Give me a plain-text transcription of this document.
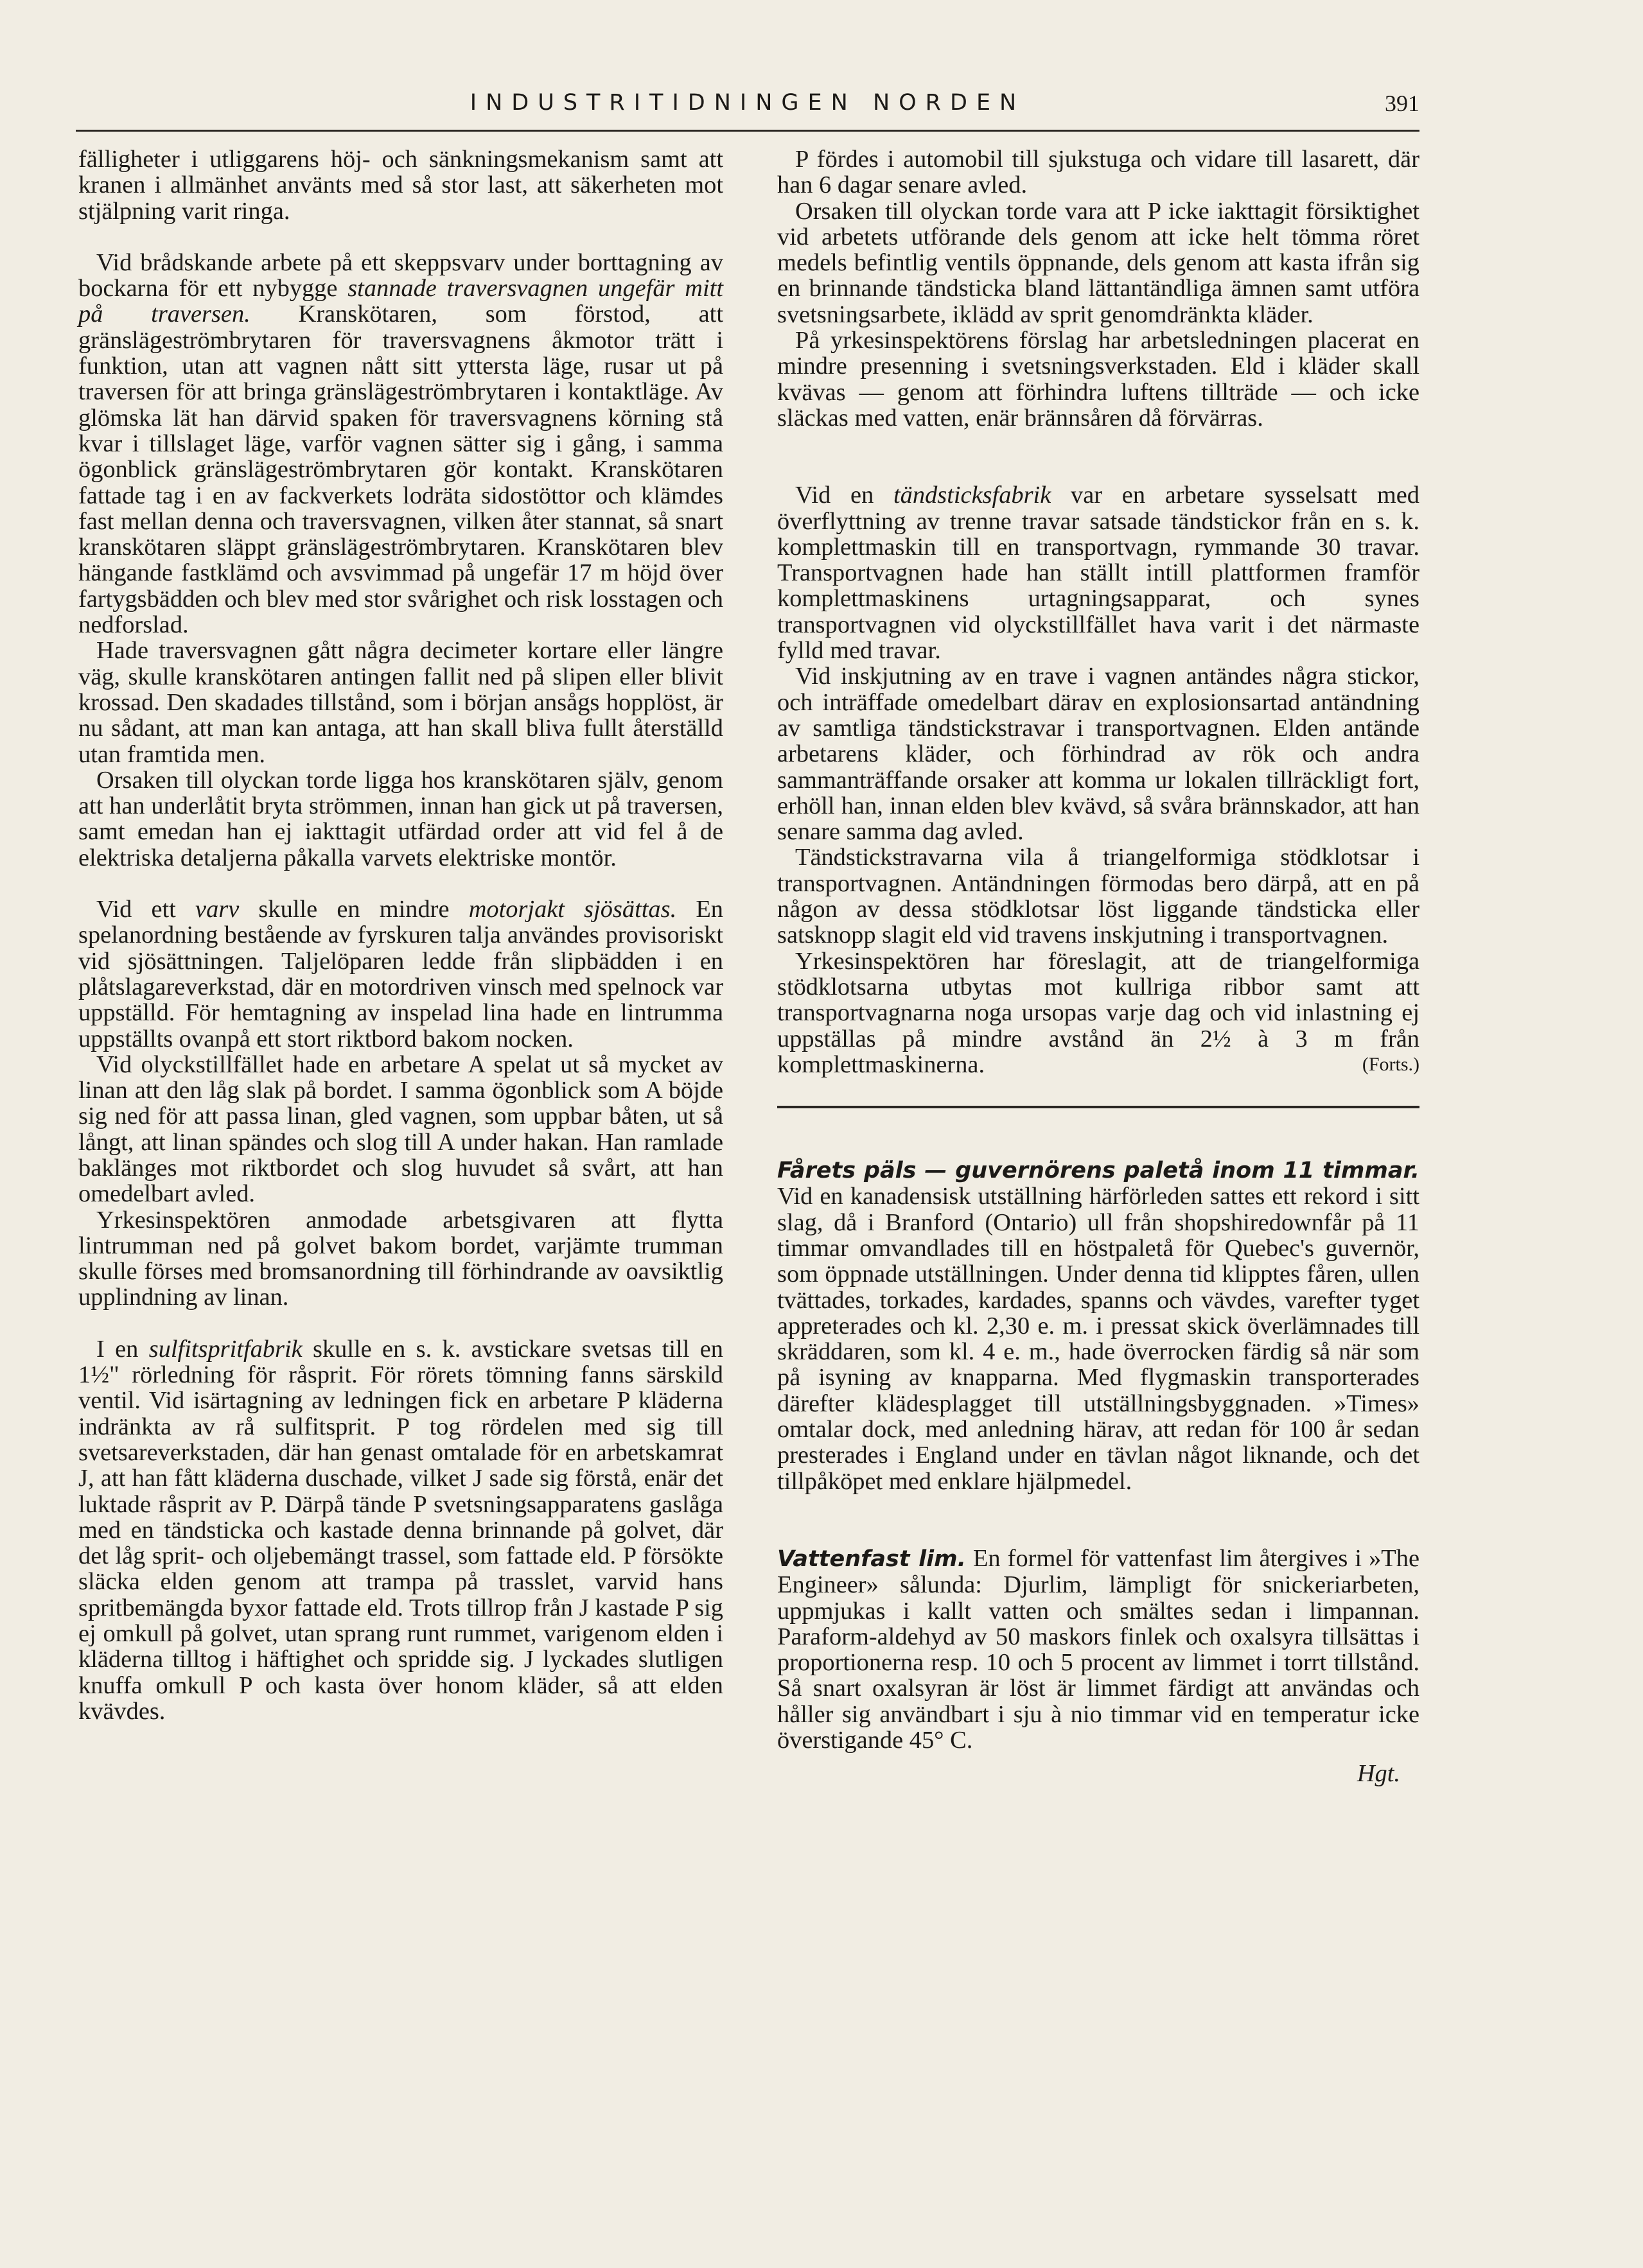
INDUSTRITIDNINGEN NORDEN	391

fälligheter i utliggarens höj- och sänkningsmekanism samt att kranen i allmänhet använts med så stor last, att säkerheten mot stjälpning varit ringa.

Vid brådskande arbete på ett skeppsvarv under borttagning av bockarna för ett nybygge stannade traversvagnen ungefär mitt på traversen. Kranskötaren, som förstod, att gränslägeströmbrytaren för traversvagnens åkmotor trätt i funktion, utan att vagnen nått sitt yttersta läge, rusar ut på traversen för att bringa gränslägeströmbrytaren i kontaktläge. Av glömska lät han därvid spaken för traversvagnens körning stå kvar i tillslaget läge, varför vagnen sätter sig i gång, i samma ögonblick gränslägeströmbrytaren gör kontakt. Kranskötaren fattade tag i en av fackverkets lodräta sidostöttor och klämdes fast mellan denna och traversvagnen, vilken åter stannat, så snart kranskötaren släppt gränslägeströmbrytaren. Kranskötaren blev hängande fastklämd och avsvimmad på ungefär 17 m höjd över fartygsbädden och blev med stor svårighet och risk losstagen och nedforslad.

Hade traversvagnen gått några decimeter kortare eller längre väg, skulle kranskötaren antingen fallit ned på slipen eller blivit krossad. Den skadades tillstånd, som i början ansågs hopplöst, är nu sådant, att man kan antaga, att han skall bliva fullt återställd utan framtida men.

Orsaken till olyckan torde ligga hos kranskötaren själv, genom att han underlåtit bryta strömmen, innan han gick ut på traversen, samt emedan han ej iakttagit utfärdad order att vid fel å de elektriska detaljerna påkalla varvets elektriske montör.

Vid ett varv skulle en mindre motorjakt sjösättas. En spelanordning bestående av fyrskuren talja användes provisoriskt vid sjösättningen. Taljelöparen ledde från slipbädden i en plåtslagareverkstad, där en motordriven vinsch med spelnock var uppställd. För hemtagning av inspelad lina hade en lintrumma uppställts ovanpå ett stort riktbord bakom nocken.

Vid olyckstillfället hade en arbetare A spelat ut så mycket av linan att den låg slak på bordet. I samma ögonblick som A böjde sig ned för att passa linan, gled vagnen, som uppbar båten, ut så långt, att linan spändes och slog till A under hakan. Han ramlade baklänges mot riktbordet och slog huvudet så svårt, att han omedelbart avled.

Yrkesinspektören anmodade arbetsgivaren att flytta lintrumman ned på golvet bakom bordet, varjämte trumman skulle förses med bromsanordning till förhindrande av oavsiktlig upplindning av linan.

I en sulfitspritfabrik skulle en s. k. avstickare svetsas till en 1½" rörledning för råsprit. För rörets tömning fanns särskild ventil. Vid isärtagning av ledningen fick en arbetare P kläderna indränkta av rå sulfitsprit. P tog rördelen med sig till svetsareverkstaden, där han genast omtalade för en arbetskamrat J, att han fått kläderna duschade, vilket J sade sig förstå, enär det luktade råsprit av P. Därpå tände P svetsningsapparatens gaslåga med en tändsticka och kastade denna brinnande på golvet, där det låg sprit- och oljebemängt trassel, som fattade eld. P försökte släcka elden genom att trampa på trasslet, varvid hans spritbemängda byxor fattade eld. Trots tillrop från J kastade P sig ej omkull på golvet, utan sprang runt rummet, varigenom elden i kläderna tilltog i häftighet och spridde sig. J lyckades slutligen knuffa omkull P och kasta över honom kläder, så att elden kvävdes.

P fördes i automobil till sjukstuga och vidare till lasarett, där han 6 dagar senare avled.

Orsaken till olyckan torde vara att P icke iakttagit försiktighet vid arbetets utförande dels genom att icke helt tömma röret medels befintlig ventils öppnande, dels genom att kasta ifrån sig en brinnande tändsticka bland lättantändliga ämnen samt utföra svetsningsarbete, iklädd av sprit genomdränkta kläder.

På yrkesinspektörens förslag har arbetsledningen placerat en mindre presenning i svetsningsverkstaden. Eld i kläder skall kvävas — genom att förhindra luftens tillträde — och icke släckas med vatten, enär brännsåren då förvärras.

Vid en tändsticksfabrik var en arbetare sysselsatt med överflyttning av trenne travar satsade tändstickor från en s. k. komplettmaskin till en transportvagn, rymmande 30 travar. Transportvagnen hade han ställt intill plattformen framför komplettmaskinens urtagningsapparat, och synes transportvagnen vid olyckstillfället hava varit i det närmaste fylld med travar.

Vid inskjutning av en trave i vagnen antändes några stickor, och inträffade omedelbart därav en explosionsartad antändning av samtliga tändstickstravar i transportvagnen. Elden antände arbetarens kläder, och förhindrad av rök och andra sammanträffande orsaker att komma ur lokalen tillräckligt fort, erhöll han, innan elden blev kvävd, så svåra brännskador, att han senare samma dag avled.

Tändstickstravarna vila å triangelformiga stödklotsar i transportvagnen. Antändningen förmodas bero därpå, att en på någon av dessa stödklotsar löst liggande tändsticka eller satsknopp slagit eld vid travens inskjutning i transportvagnen.

Yrkesinspektören har föreslagit, att de triangelformiga stödklotsarna utbytas mot kullriga ribbor samt att transportvagnarna noga ursopas varje dag och vid inlastning ej uppställas på mindre avstånd än 2½ à 3 m från komplettmaskinerna.	(Forts.)

Fårets päls — guvernörens paletå inom 11 timmar. Vid en kanadensisk utställning härförleden sattes ett rekord i sitt slag, då i Branford (Ontario) ull från shopshiredownfår på 11 timmar omvandlades till en höstpaletå för Quebec's guvernör, som öppnade utställningen. Under denna tid klipptes fåren, ullen tvättades, torkades, kardades, spanns och vävdes, varefter tyget appreterades och kl. 2,30 e. m. i pressat skick överlämnades till skräddaren, som kl. 4 e. m., hade överrocken färdig så när som på isyning av knapparna. Med flygmaskin transporterades därefter klädesplagget till utställningsbyggnaden. »Times» omtalar dock, med anledning härav, att redan för 100 år sedan presterades i England under en tävlan något liknande, och det tillpåköpet med enklare hjälpmedel.

Vattenfast lim. En formel för vattenfast lim återgives i »The Engineer» sålunda: Djurlim, lämpligt för snickeriarbeten, uppmjukas i kallt vatten och smältes sedan i limpannan. Paraform-aldehyd av 50 maskors finlek och oxalsyra tillsättas i proportionerna resp. 10 och 5 procent av limmet i torrt tillstånd. Så snart oxalsyran är löst är limmet färdigt att användas och håller sig användbart i sju à nio timmar vid en temperatur icke överstigande 45° C.

Hgt.
